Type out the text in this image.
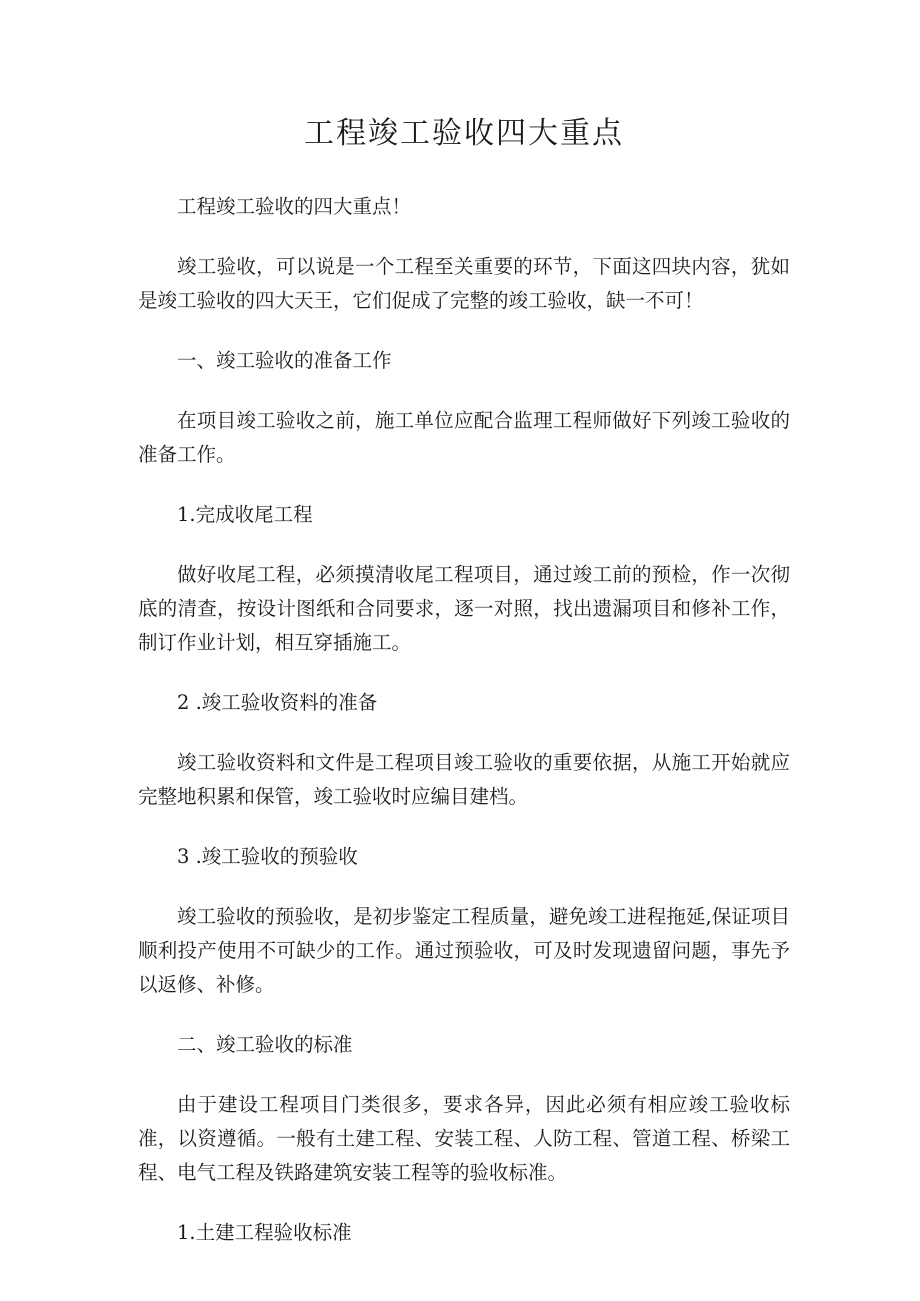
工程竣工验收四大重点

工程竣工验收的四大重点！

竣工验收，可以说是一个工程至关重要的环节，下面这四块内容，犹如是竣工验收的四大天王，它们促成了完整的竣工验收，缺一不可！

一、竣工验收的准备工作

在项目竣工验收之前，施工单位应配合监理工程师做好下列竣工验收的准备工作。

1.完成收尾工程

做好收尾工程，必须摸清收尾工程项目，通过竣工前的预检，作一次彻底的清查，按设计图纸和合同要求，逐一对照，找出遗漏项目和修补工作，制订作业计划，相互穿插施工。

2 .竣工验收资料的准备

竣工验收资料和文件是工程项目竣工验收的重要依据，从施工开始就应完整地积累和保管，竣工验收时应编目建档。

3 .竣工验收的预验收

竣工验收的预验收，是初步鉴定工程质量，避免竣工进程拖延,保证项目顺利投产使用不可缺少的工作。通过预验收，可及时发现遗留问题，事先予以返修、补修。

二、竣工验收的标准

由于建设工程项目门类很多，要求各异，因此必须有相应竣工验收标准，以资遵循。一般有土建工程、安装工程、人防工程、管道工程、桥梁工程、电气工程及铁路建筑安装工程等的验收标准。

1.土建工程验收标准
